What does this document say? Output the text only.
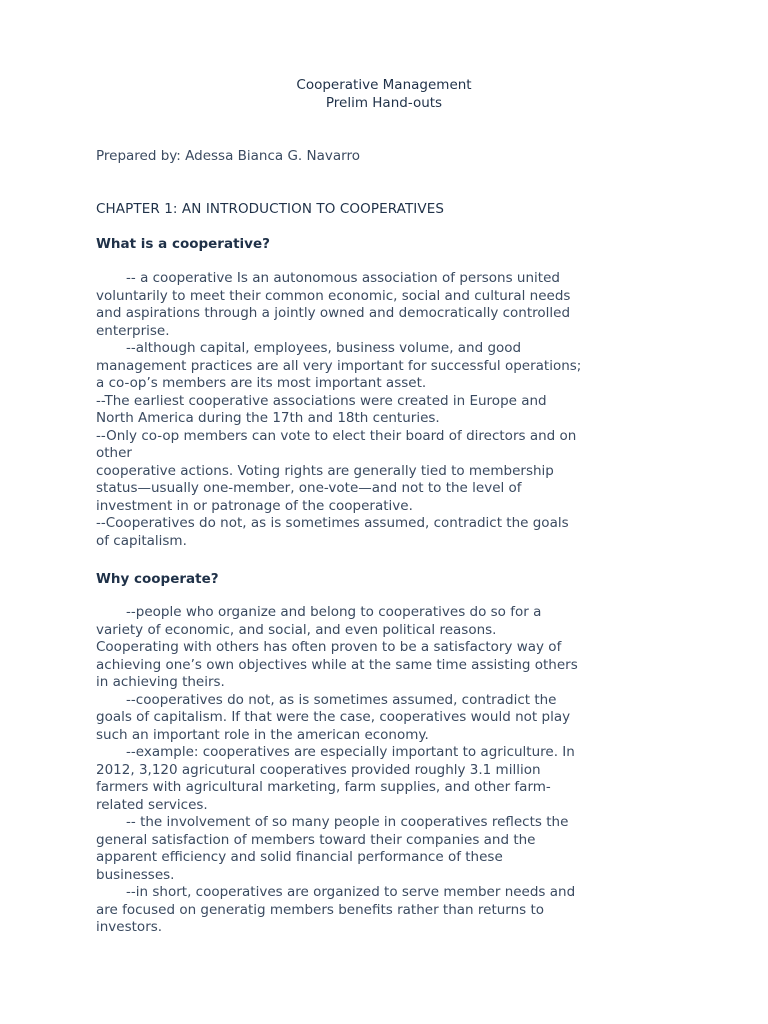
Cooperative Management
Prelim Hand-outs
Prepared by: Adessa Bianca G. Navarro
CHAPTER 1: AN INTRODUCTION TO COOPERATIVES
What is a cooperative?
-- a cooperative Is an autonomous association of persons united
voluntarily to meet their common economic, social and cultural needs
and aspirations through a jointly owned and democratically controlled
enterprise.
--although capital, employees, business volume, and good
management practices are all very important for successful operations;
a co-op’s members are its most important asset.
--The earliest cooperative associations were created in Europe and
North America during the 17th and 18th centuries.
--Only co-op members can vote to elect their board of directors and on
other
cooperative actions. Voting rights are generally tied to membership
status—usually one-member, one-vote—and not to the level of
investment in or patronage of the cooperative.
--Cooperatives do not, as is sometimes assumed, contradict the goals
of capitalism.
Why cooperate?
--people who organize and belong to cooperatives do so for a
variety of economic, and social, and even political reasons.
Cooperating with others has often proven to be a satisfactory way of
achieving one’s own objectives while at the same time assisting others
in achieving theirs.
--cooperatives do not, as is sometimes assumed, contradict the
goals of capitalism. If that were the case, cooperatives would not play
such an important role in the american economy.
--example: cooperatives are especially important to agriculture. In
2012, 3,120 agricutural cooperatives provided roughly 3.1 million
farmers with agricultural marketing, farm supplies, and other farm-
related services.
-- the involvement of so many people in cooperatives reflects the
general satisfaction of members toward their companies and the
apparent efficiency and solid financial performance of these
businesses.
--in short, cooperatives are organized to serve member needs and
are focused on generatig members benefits rather than returns to
investors.
